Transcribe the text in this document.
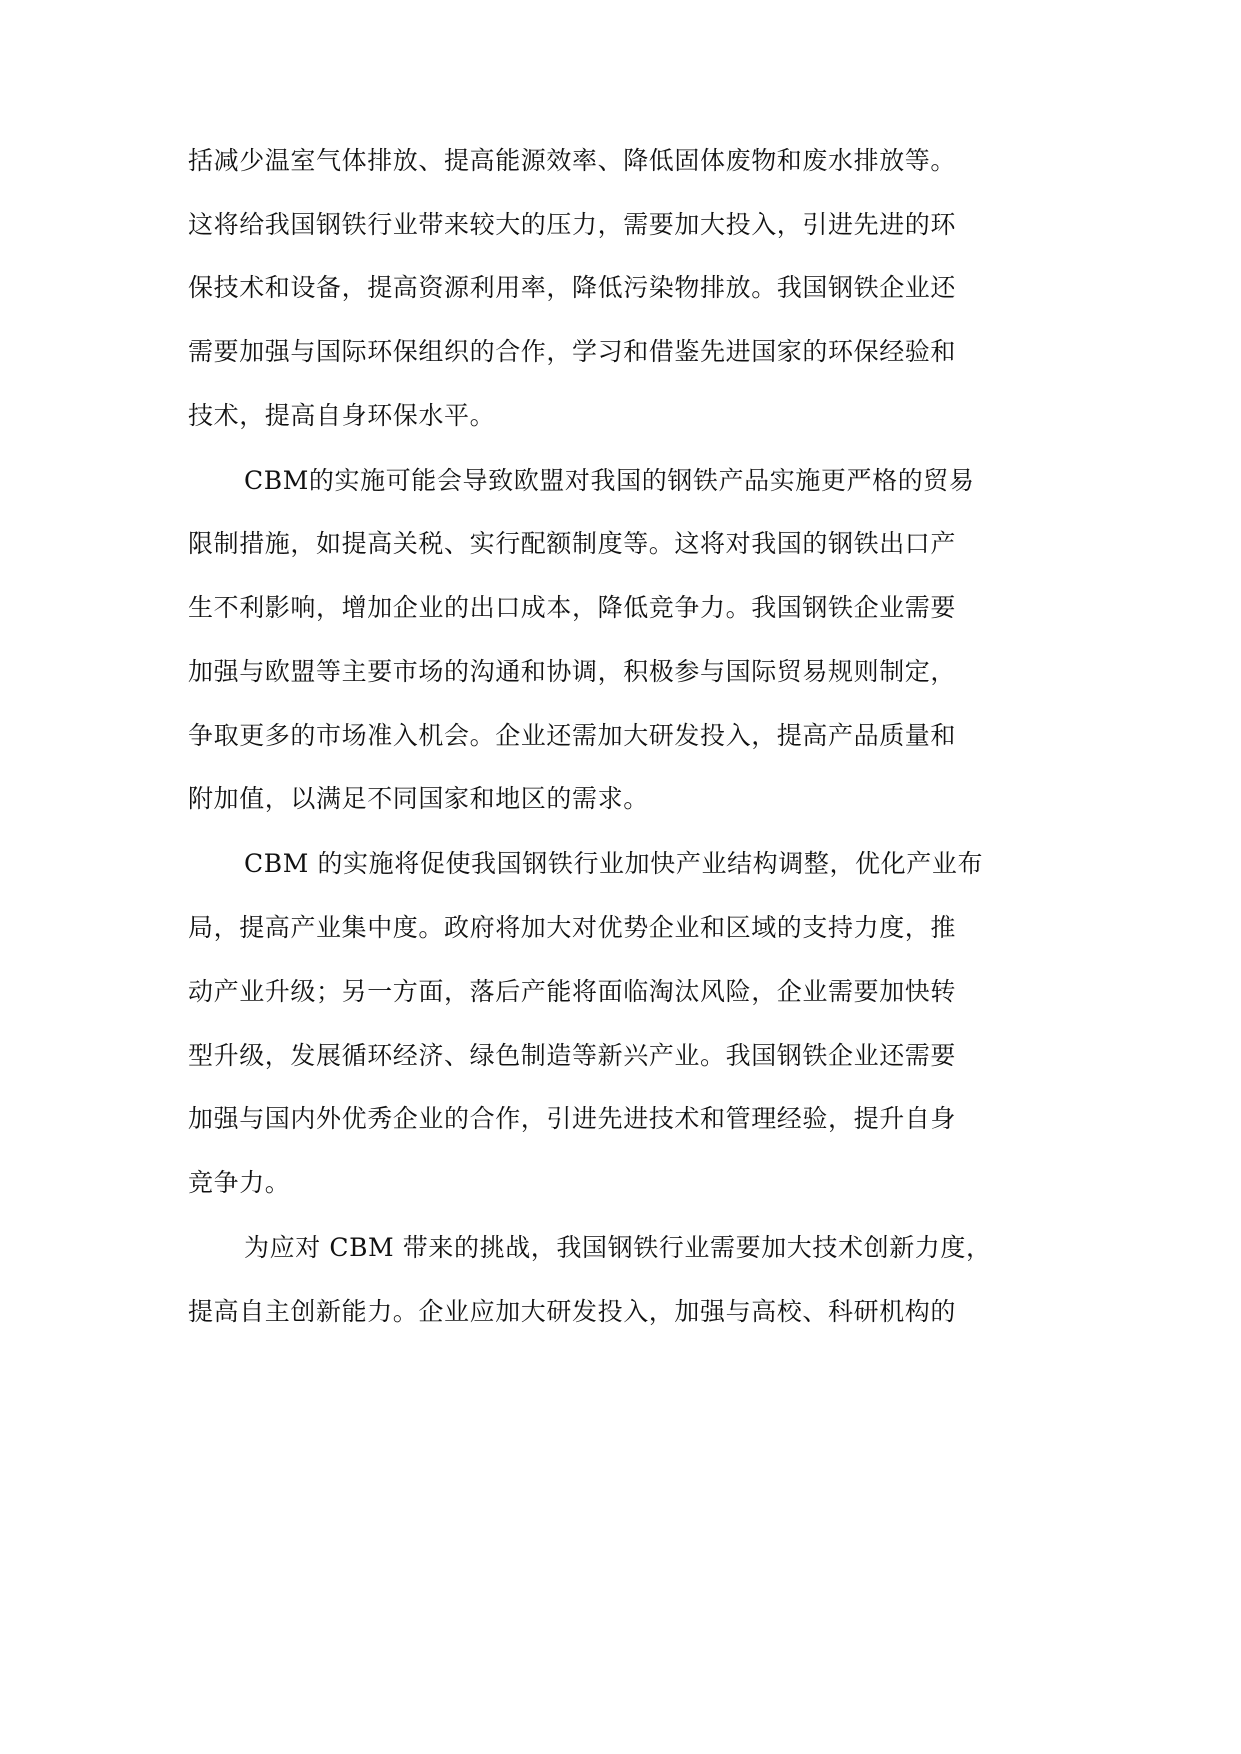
括减少温室气体排放、提高能源效率、降低固体废物和废水排放等。
这将给我国钢铁行业带来较大的压力，需要加大投入，引进先进的环
保技术和设备，提高资源利用率，降低污染物排放。我国钢铁企业还
需要加强与国际环保组织的合作，学习和借鉴先进国家的环保经验和
技术，提高自身环保水平。
CBM的实施可能会导致欧盟对我国的钢铁产品实施更严格的贸易
限制措施，如提高关税、实行配额制度等。这将对我国的钢铁出口产
生不利影响，增加企业的出口成本，降低竞争力。我国钢铁企业需要
加强与欧盟等主要市场的沟通和协调，积极参与国际贸易规则制定，
争取更多的市场准入机会。企业还需加大研发投入，提高产品质量和
附加值，以满足不同国家和地区的需求。
CBM 的实施将促使我国钢铁行业加快产业结构调整，优化产业布
局，提高产业集中度。政府将加大对优势企业和区域的支持力度，推
动产业升级；另一方面，落后产能将面临淘汰风险，企业需要加快转
型升级，发展循环经济、绿色制造等新兴产业。我国钢铁企业还需要
加强与国内外优秀企业的合作，引进先进技术和管理经验，提升自身
竞争力。
为应对 CBM 带来的挑战，我国钢铁行业需要加大技术创新力度，
提高自主创新能力。企业应加大研发投入，加强与高校、科研机构的
